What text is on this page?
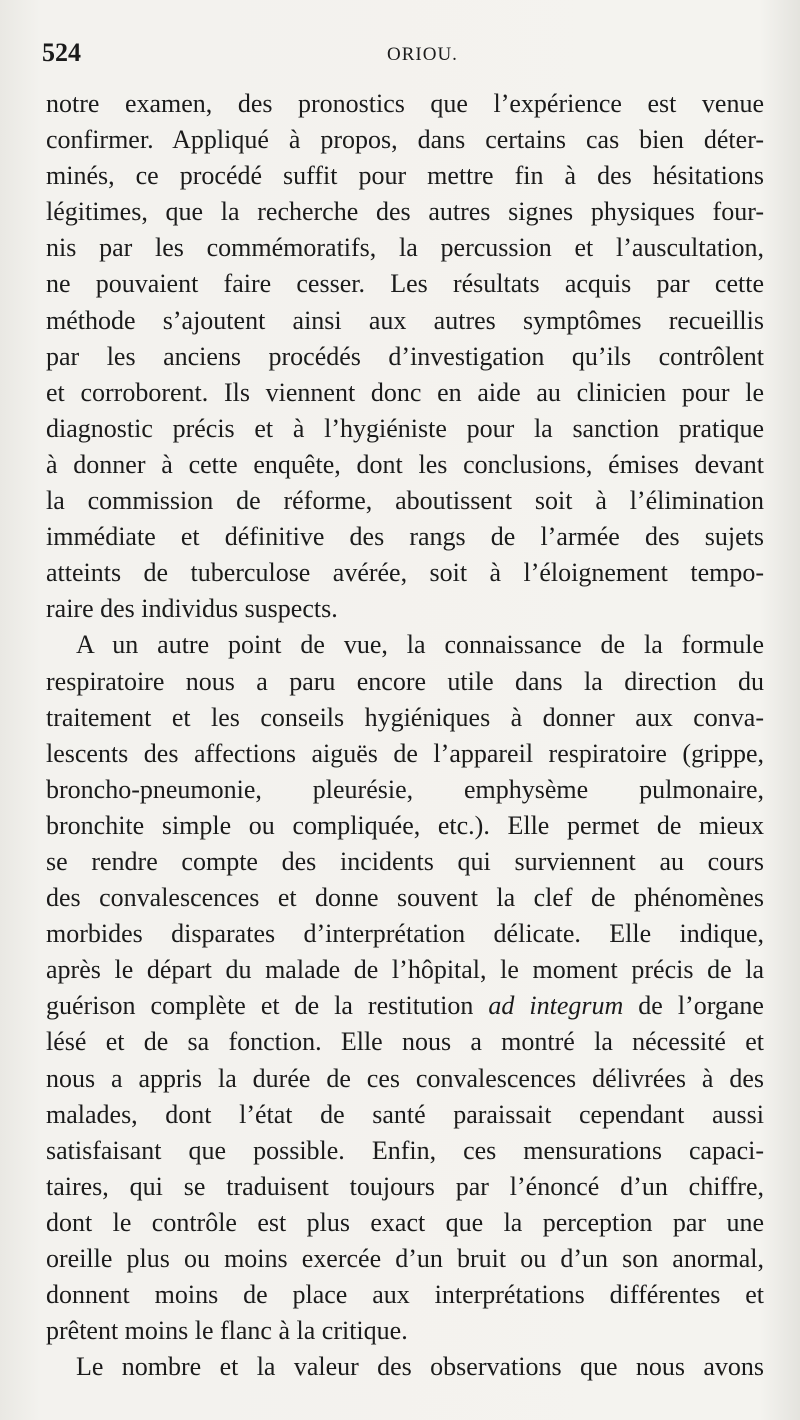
524	ORIOU.
notre examen, des pronostics que l’expérience est venue
confirmer. Appliqué à propos, dans certains cas bien déter-
minés, ce procédé suffit pour mettre fin à des hésitations
légitimes, que la recherche des autres signes physiques four-
nis par les commémoratifs, la percussion et l’auscultation,
ne pouvaient faire cesser. Les résultats acquis par cette
méthode s’ajoutent ainsi aux autres symptômes recueillis
par les anciens procédés d’investigation qu’ils contrôlent
et corroborent. Ils viennent donc en aide au clinicien pour le
diagnostic précis et à l’hygiéniste pour la sanction pratique
à donner à cette enquête, dont les conclusions, émises devant
la commission de réforme, aboutissent soit à l’élimination
immédiate et définitive des rangs de l’armée des sujets
atteints de tuberculose avérée, soit à l’éloignement tempo-
raire des individus suspects.
A un autre point de vue, la connaissance de la formule
respiratoire nous a paru encore utile dans la direction du
traitement et les conseils hygiéniques à donner aux conva-
lescents des affections aiguës de l’appareil respiratoire (grippe,
broncho-pneumonie, pleurésie, emphysème pulmonaire,
bronchite simple ou compliquée, etc.). Elle permet de mieux
se rendre compte des incidents qui surviennent au cours
des convalescences et donne souvent la clef de phénomènes
morbides disparates d’interprétation délicate. Elle indique,
après le départ du malade de l’hôpital, le moment précis de la
guérison complète et de la restitution ad integrum de l’organe
lésé et de sa fonction. Elle nous a montré la nécessité et
nous a appris la durée de ces convalescences délivrées à des
malades, dont l’état de santé paraissait cependant aussi
satisfaisant que possible. Enfin, ces mensurations capaci-
taires, qui se traduisent toujours par l’énoncé d’un chiffre,
dont le contrôle est plus exact que la perception par une
oreille plus ou moins exercée d’un bruit ou d’un son anormal,
donnent moins de place aux interprétations différentes et
prêtent moins le flanc à la critique.
Le nombre et la valeur des observations que nous avons
